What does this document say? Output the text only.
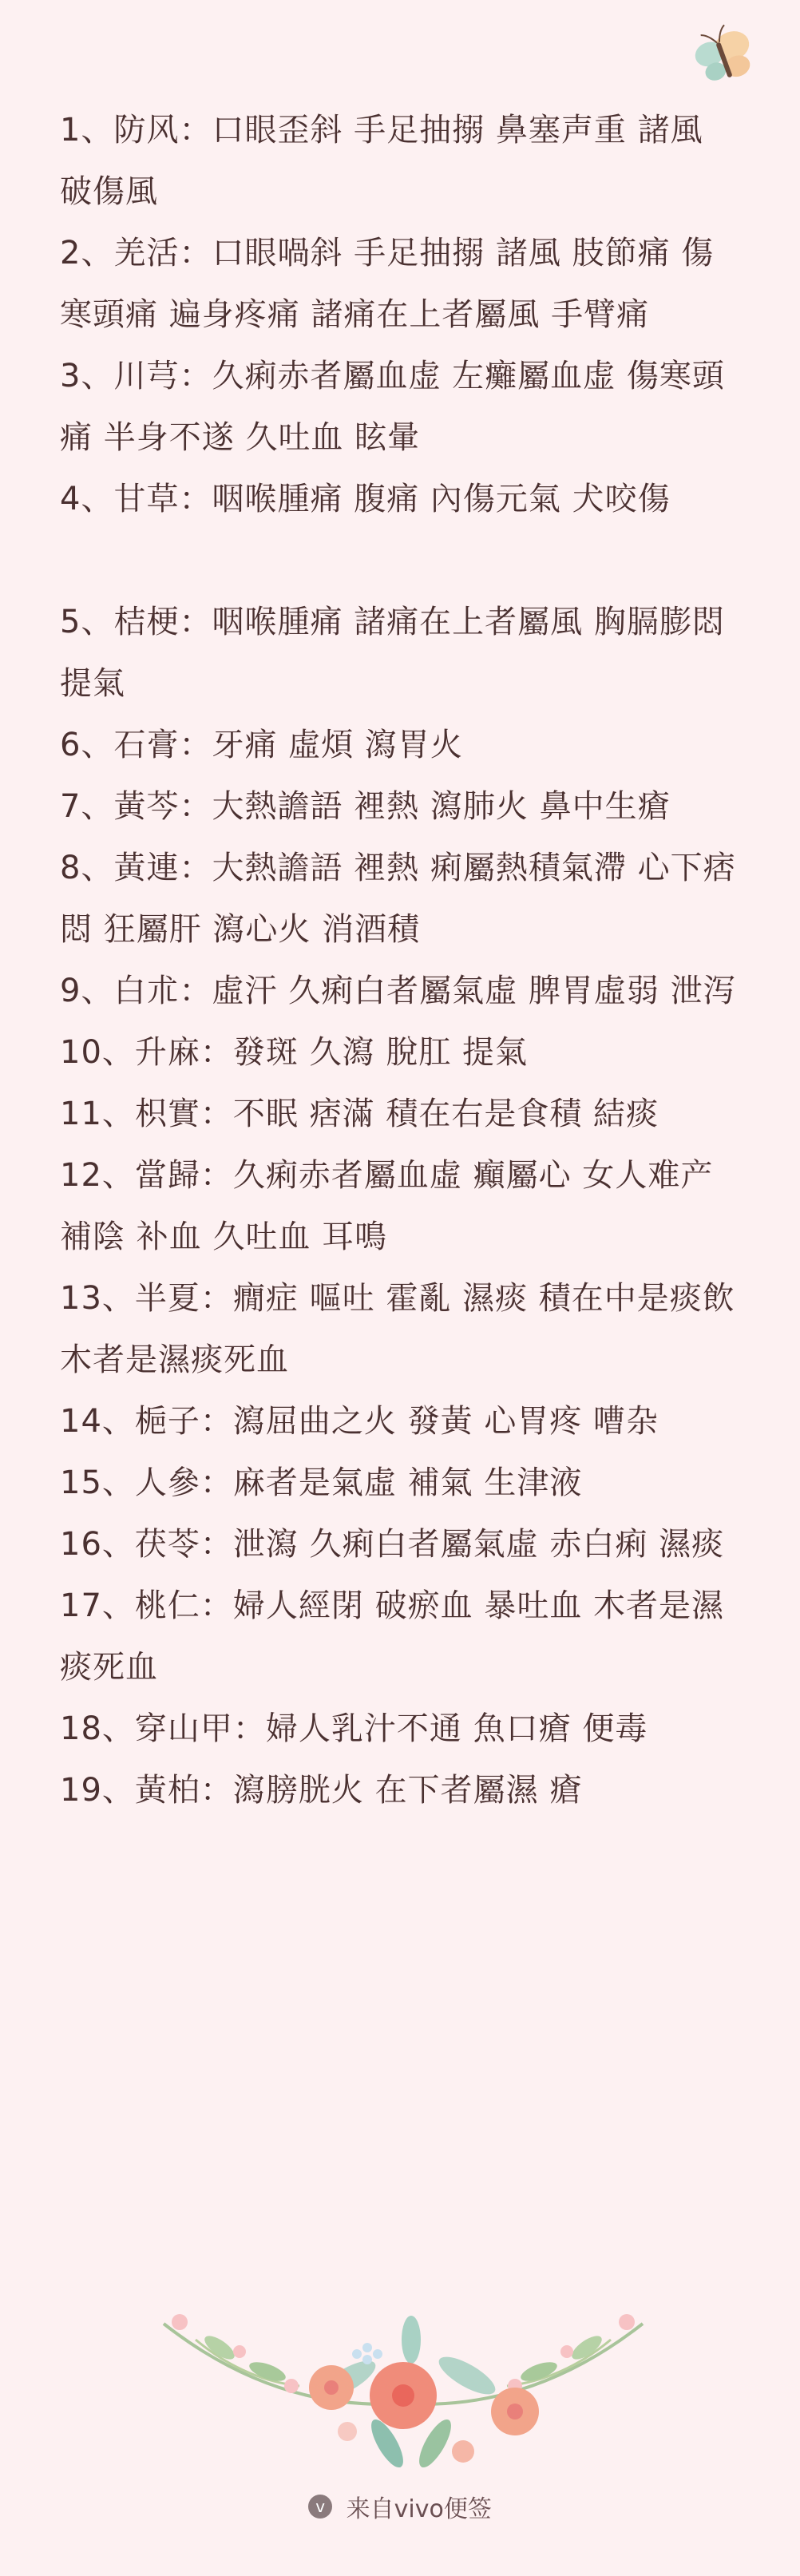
1、防风：口眼歪斜 手足抽搦 鼻塞声重 諸風 破傷風

2、羌活：口眼喎斜 手足抽搦 諸風 肢節痛 傷寒頭痛 遍身疼痛 諸痛在上者屬風 手臂痛

3、川芎：久痢赤者屬血虚 左癱屬血虚 傷寒頭痛 半身不遂 久吐血 眩暈

4、甘草：咽喉腫痛 腹痛 內傷元氣 犬咬傷

5、桔梗：咽喉腫痛 諸痛在上者屬風 胸膈膨悶 提氣

6、石膏：牙痛 虛煩 瀉胃火

7、黃芩：大熱譫語 裡熱 瀉肺火 鼻中生瘡

8、黃連：大熱譫語 裡熱 痢屬熱積氣滯 心下痞悶 狂屬肝 瀉心火 消酒積

9、白朮：虛汗 久痢白者屬氣虛 脾胃虛弱 泄泻

10、升麻：發斑 久瀉 脫肛 提氣

11、枳實：不眠 痞滿 積在右是食積 結痰

12、當歸：久痢赤者屬血虛 癲屬心 女人难产 補陰 补血 久吐血 耳鳴

13、半夏：癇症 嘔吐 霍亂 濕痰 積在中是痰飲 木者是濕痰死血

14、梔子：瀉屈曲之火 發黃 心胃疼 嘈杂

15、人參：麻者是氣虛 補氣 生津液

16、茯苓：泄瀉 久痢白者屬氣虛 赤白痢 濕痰

17、桃仁：婦人經閉 破瘀血 暴吐血 木者是濕痰死血

18、穿山甲：婦人乳汁不通 魚口瘡 便毒

19、黃柏：瀉膀胱火 在下者屬濕 瘡

v 来自vivo便签
